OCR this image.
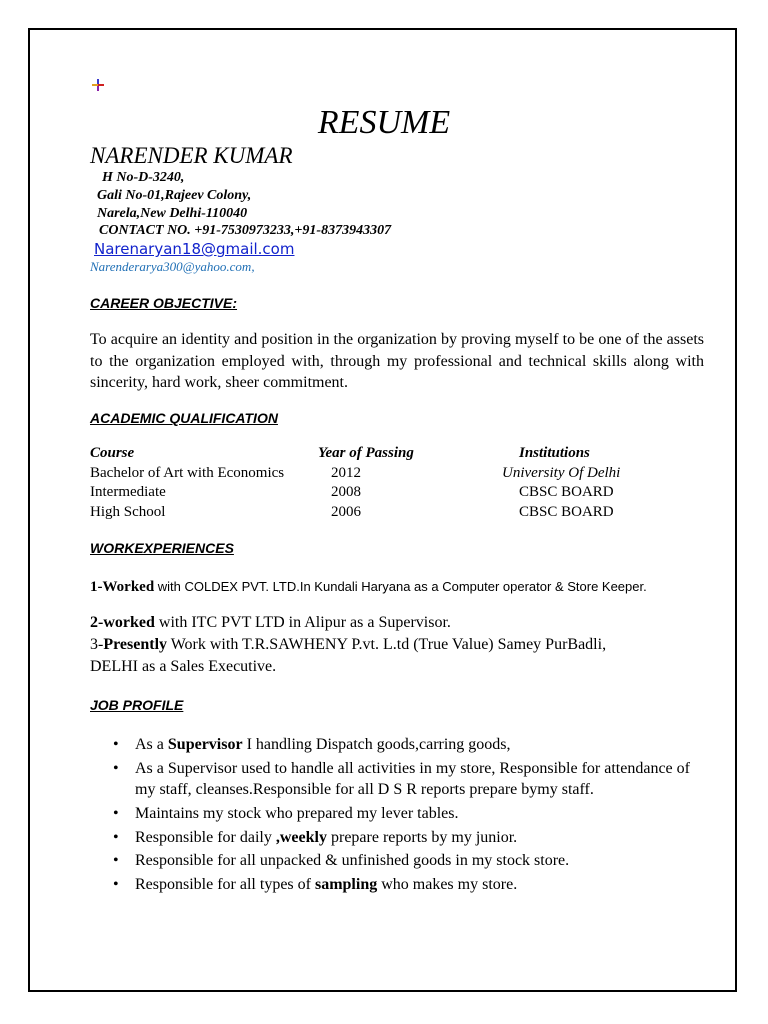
RESUME
NARENDER KUMAR
H No-D-3240,
Gali No-01,Rajeev Colony,
Narela,New Delhi-110040
CONTACT NO. +91-7530973233,+91-8373943307
Narenaryan18@gmail.com
Narenderarya300@yahoo.com,
CAREER OBJECTIVE:
To acquire an identity and position in the organization by proving myself to be one of the assets to the organization employed with, through my professional and technical skills along with sincerity, hard work, sheer commitment.
ACADEMIC QUALIFICATION
Course	Year of Passing	Institutions
Bachelor of Art with Economics	2012	University Of Delhi
Intermediate	2008	CBSC BOARD
High School	2006	CBSC BOARD
WORKEXPERIENCES
1-Worked with COLDEX PVT. LTD.In Kundali Haryana as a Computer operator & Store Keeper.
2-worked with ITC PVT LTD in Alipur as a Supervisor.
3-Presently Work with T.R.SAWHENY P.vt. L.td (True Value) Samey PurBadli,
DELHI as a Sales Executive.
JOB PROFILE
• As a Supervisor I handling Dispatch goods,carring goods,
• As a Supervisor used to handle all activities in my store, Responsible for attendance of my staff, cleanses.Responsible for all D S R reports prepare bymy staff.
• Maintains my stock who prepared my lever tables.
• Responsible for daily ,weekly prepare reports by my junior.
• Responsible for all unpacked & unfinished goods in my stock store.
• Responsible for all types of sampling who makes my store.
